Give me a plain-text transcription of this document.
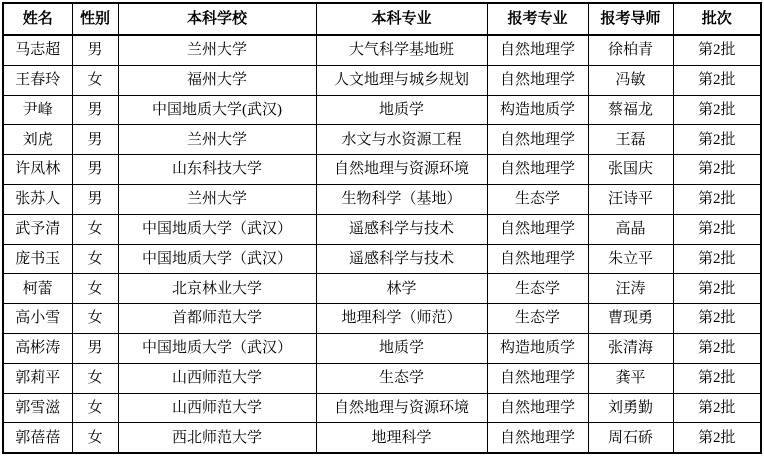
姓名	性别	本科学校	本科专业	报考专业	报考导师	批次
马志超	男	兰州大学	大气科学基地班	自然地理学	徐柏青	第2批
王春玲	女	福州大学	人文地理与城乡规划	自然地理学	冯敏	第2批
尹峰	男	中国地质大学(武汉)	地质学	构造地质学	蔡福龙	第2批
刘虎	男	兰州大学	水文与水资源工程	自然地理学	王磊	第2批
许凤林	男	山东科技大学	自然地理与资源环境	自然地理学	张国庆	第2批
张苏人	男	兰州大学	生物科学（基地）	生态学	汪诗平	第2批
武予清	女	中国地质大学（武汉）	遥感科学与技术	自然地理学	高晶	第2批
庞书玉	女	中国地质大学（武汉）	遥感科学与技术	自然地理学	朱立平	第2批
柯蕾	女	北京林业大学	林学	生态学	汪涛	第2批
高小雪	女	首都师范大学	地理科学（师范）	生态学	曹现勇	第2批
高彬涛	男	中国地质大学（武汉）	地质学	构造地质学	张清海	第2批
郭莉平	女	山西师范大学	生态学	自然地理学	龚平	第2批
郭雪滋	女	山西师范大学	自然地理与资源环境	自然地理学	刘勇勤	第2批
郭蓓蓓	女	西北师范大学	地理科学	自然地理学	周石硚	第2批
